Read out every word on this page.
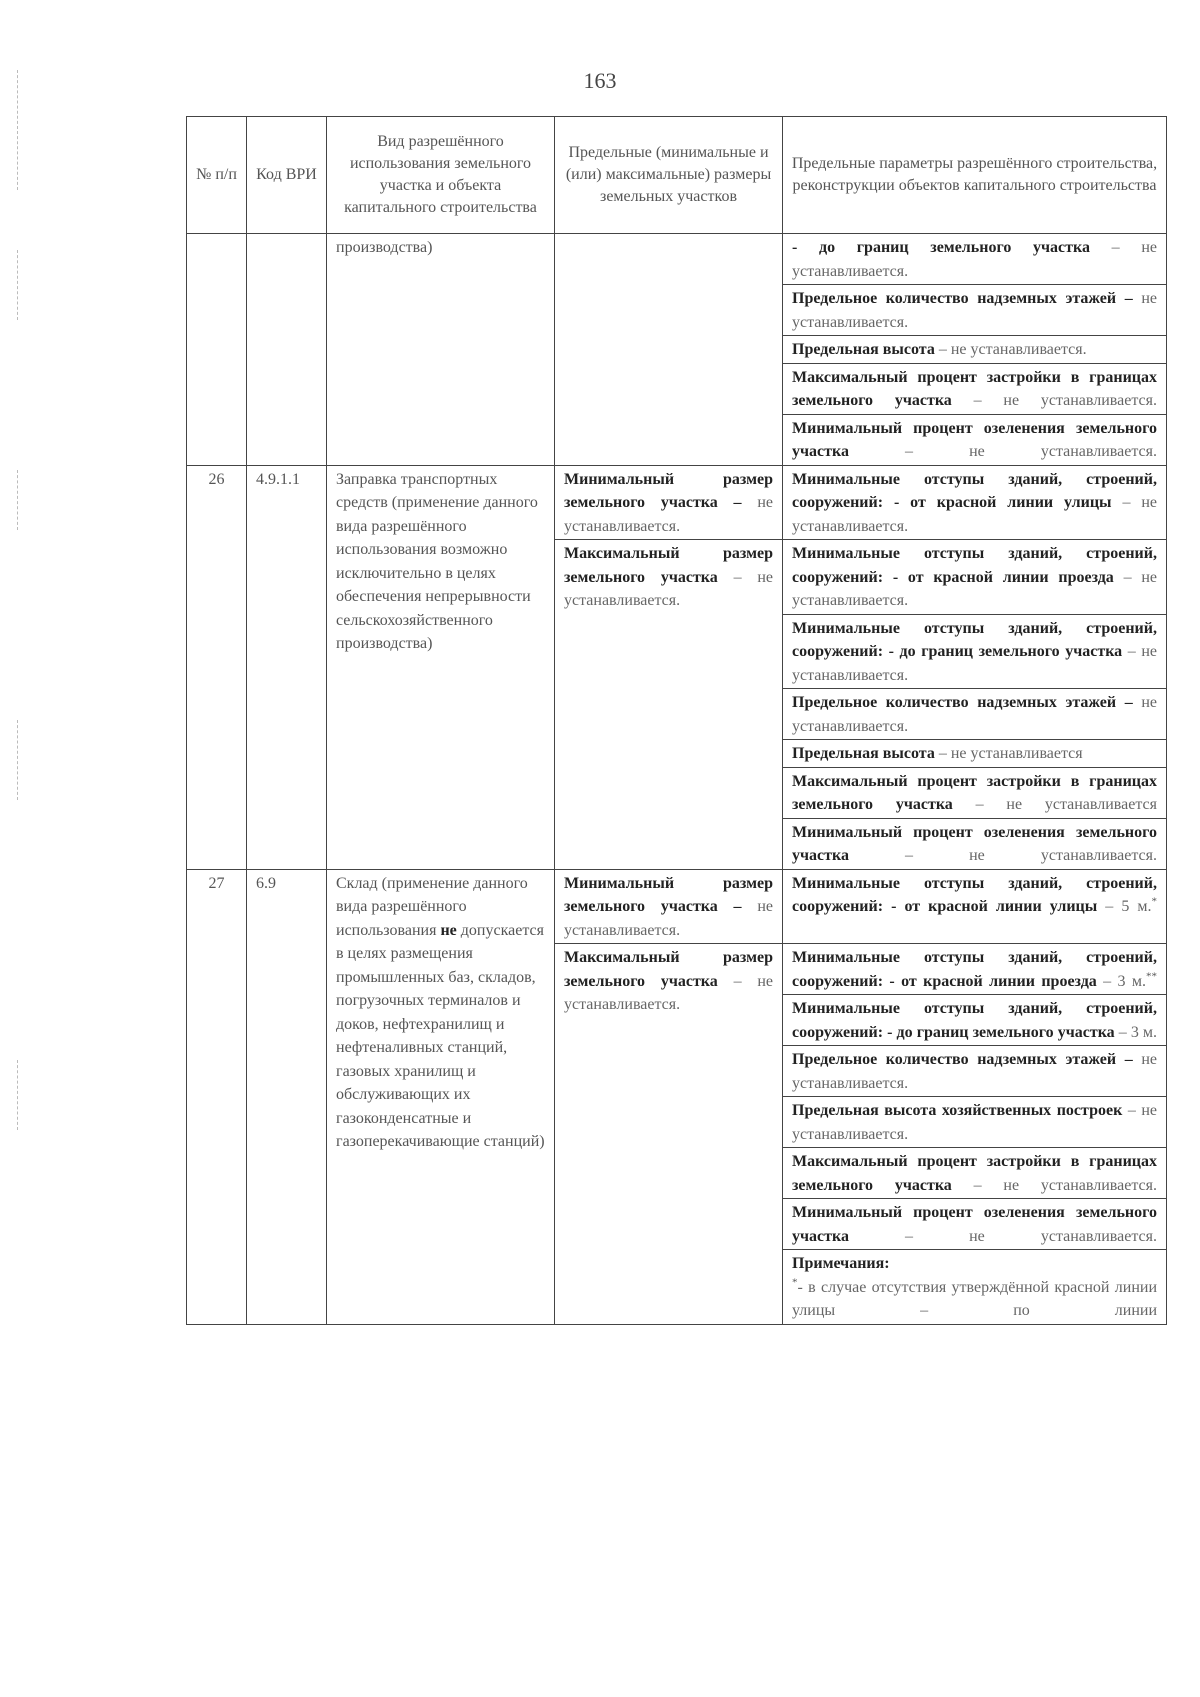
163
№ п/п	Код ВРИ	Вид разрешённого использования земельного участка и объекта капитального строительства	Предельные (минимальные и (или) максимальные) размеры земельных участков	Предельные параметры разрешённого строительства, реконструкции объектов капитального строительства
		производства)		- до границ земельного участка – не устанавливается.
				Предельное количество надземных этажей – не устанавливается.
				Предельная высота – не устанавливается.
				Максимальный процент застройки в границах земельного участка – не устанавливается.
				Минимальный процент озеленения земельного участка – не устанавливается.
26	4.9.1.1	Заправка транспортных средств (применение данного вида разрешённого использования возможно исключительно в целях обеспечения непрерывности сельскохозяйственного производства)	Минимальный размер земельного участка – не устанавливается.	Минимальные отступы зданий, строений, сооружений: - от красной линии улицы – не устанавливается.
			Максимальный размер земельного участка – не устанавливается.	Минимальные отступы зданий, строений, сооружений: - от красной линии проезда – не устанавливается.
				Минимальные отступы зданий, строений, сооружений: - до границ земельного участка – не устанавливается.
				Предельное количество надземных этажей – не устанавливается.
				Предельная высота – не устанавливается
				Максимальный процент застройки в границах земельного участка – не устанавливается
				Минимальный процент озеленения земельного участка – не устанавливается.
27	6.9	Склад (применение данного вида разрешённого использования не допускается в целях размещения промышленных баз, складов, погрузочных терминалов и доков, нефтехранилищ и нефтеналивных станций, газовых хранилищ и обслуживающих их газоконденсатные и газоперекачивающие станций)	Минимальный размер земельного участка – не устанавливается.	Минимальные отступы зданий, строений, сооружений: - от красной линии улицы – 5 м.*
			Максимальный размер земельного участка – не устанавливается.	Минимальные отступы зданий, строений, сооружений: - от красной линии проезда – 3 м.**
				Минимальные отступы зданий, строений, сооружений: - до границ земельного участка – 3 м.
				Предельное количество надземных этажей – не устанавливается.
				Предельная высота хозяйственных построек – не устанавливается.
				Максимальный процент застройки в границах земельного участка – не устанавливается.
				Минимальный процент озеленения земельного участка – не устанавливается.

				Примечания:
*- в случае отсутствия утверждённой красной линии улицы – по линии
